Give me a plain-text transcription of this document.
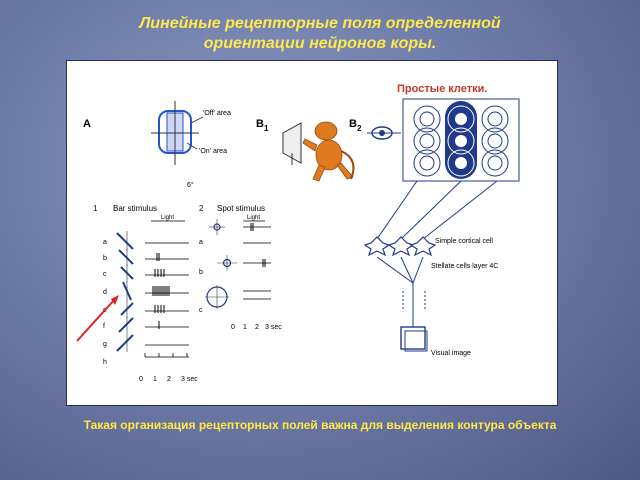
Линейные рецепторные поля определенной
ориентации нейронов коры.
A
'Off' area
'On' area
6°
$B_1$	$B_2$
Простые клетки.
Simple cortical cell
Stellate cells layer 4C
Visual image
1 Bar stimulus	2 Spot stimulus
Light	Light
a
b
c
d
f
g
h
0 1 2 3 sec
a
b
c
0 1 2 3 sec
Такая организация рецепторных полей важна для выделения контура объекта
